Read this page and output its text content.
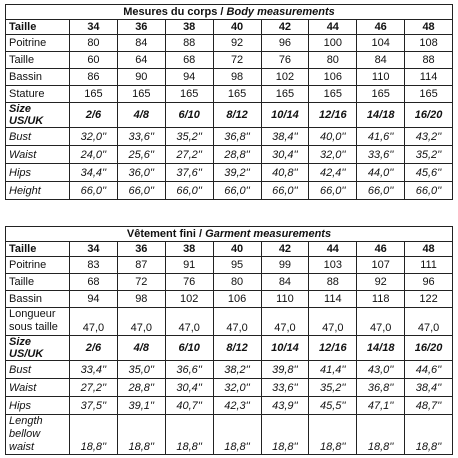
Mesures du corps / Body measurements								
Taille	34	36	38	40	42	44	46	48
Poitrine	80	84	88	92	96	100	104	108
Taille	60	64	68	72	76	80	84	88
Bassin	86	90	94	98	102	106	110	114
Stature	165	165	165	165	165	165	165	165
Size US/UK	2/6	4/8	6/10	8/12	10/14	12/16	14/18	16/20
Bust	32,0''	33,6''	35,2''	36,8''	38,4''	40,0''	41,6''	43,2''
Waist	24,0''	25,6''	27,2''	28,8''	30,4''	32,0''	33,6''	35,2''
Hips	34,4''	36,0''	37,6''	39,2''	40,8''	42,4''	44,0''	45,6''
Height	66,0''	66,0''	66,0''	66,0''	66,0''	66,0''	66,0''	66,0''
Vêtement fini / Garment measurements								
Taille	34	36	38	40	42	44	46	48
Poitrine	83	87	91	95	99	103	107	111
Taille	68	72	76	80	84	88	92	96
Bassin	94	98	102	106	110	114	118	122
Longueur sous taille	47,0	47,0	47,0	47,0	47,0	47,0	47,0	47,0
Size US/UK	2/6	4/8	6/10	8/12	10/14	12/16	14/18	16/20
Bust	33,4''	35,0''	36,6''	38,2''	39,8''	41,4''	43,0''	44,6''
Waist	27,2''	28,8''	30,4''	32,0''	33,6''	35,2''	36,8''	38,4''
Hips	37,5''	39,1''	40,7''	42,3''	43,9''	45,5''	47,1''	48,7''
Length bellow waist	18,8''	18,8''	18,8''	18,8''	18,8''	18,8''	18,8''	18,8''
